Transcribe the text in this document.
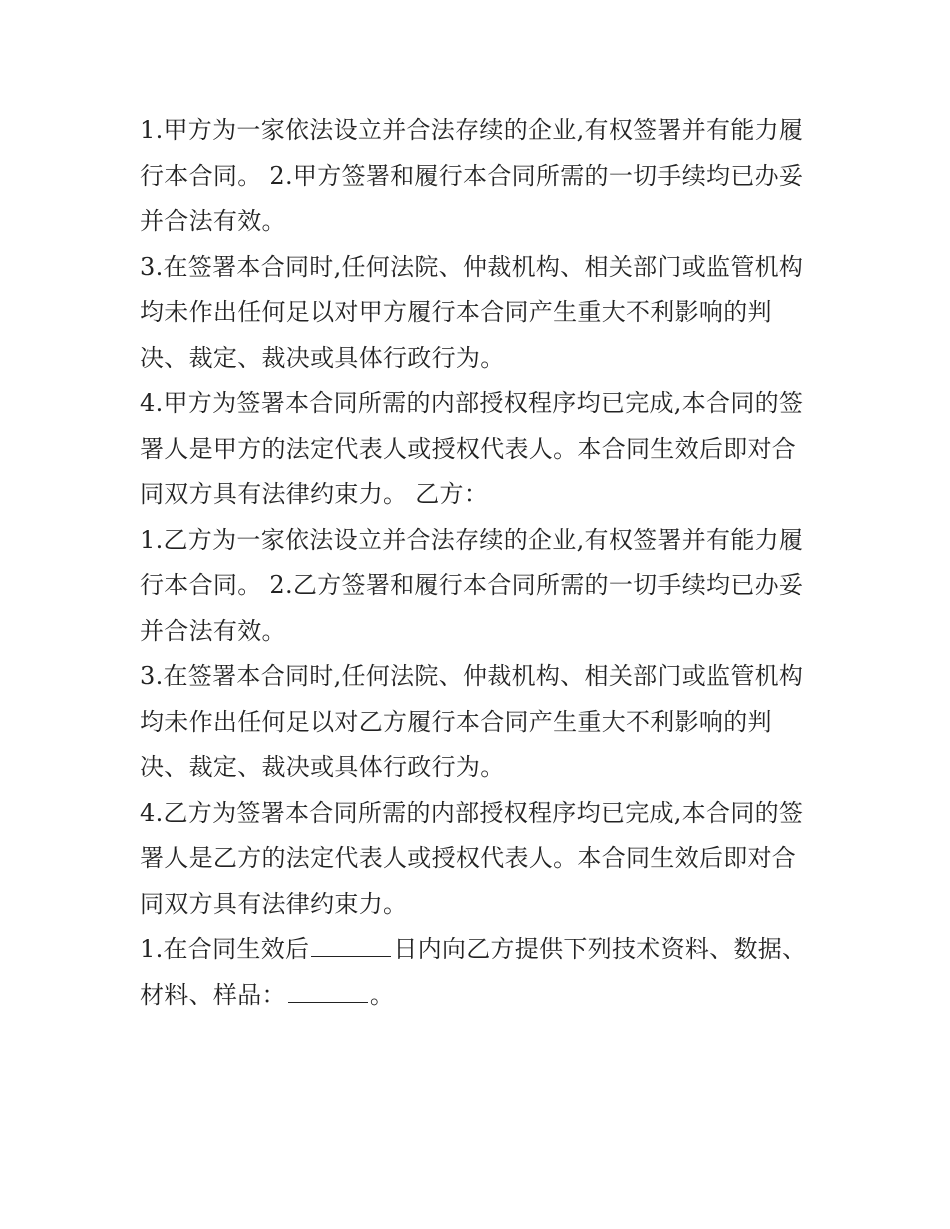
1.甲方为一家依法设立并合法存续的企业,有权签署并有能力履
行本合同。 2.甲方签署和履行本合同所需的一切手续均已办妥
并合法有效。

3.在签署本合同时,任何法院、仲裁机构、相关部门或监管机构
均未作出任何足以对甲方履行本合同产生重大不利影响的判
决、裁定、裁决或具体行政行为。

4.甲方为签署本合同所需的内部授权程序均已完成,本合同的签
署人是甲方的法定代表人或授权代表人。本合同生效后即对合
同双方具有法律约束力。 乙方：

1.乙方为一家依法设立并合法存续的企业,有权签署并有能力履
行本合同。 2.乙方签署和履行本合同所需的一切手续均已办妥
并合法有效。

3.在签署本合同时,任何法院、仲裁机构、相关部门或监管机构
均未作出任何足以对乙方履行本合同产生重大不利影响的判
决、裁定、裁决或具体行政行为。

4.乙方为签署本合同所需的内部授权程序均已完成,本合同的签
署人是乙方的法定代表人或授权代表人。本合同生效后即对合
同双方具有法律约束力。

1.在合同生效后	日内向乙方提供下列技术资料、数据、
材料、样品：	。
